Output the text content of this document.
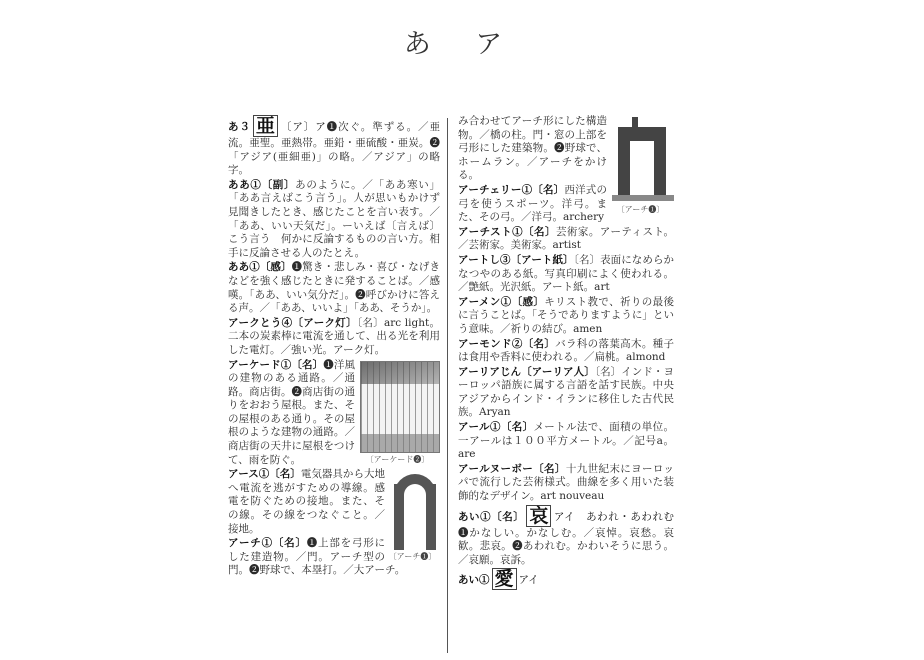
あ ア
あ３ 亜 〔ア〕ア❶次ぐ。準ずる。／亜流。亜聖。亜熱帯。亜鉛・亜硫酸・亜炭。❷「アジア(亜細亜)」の略。／アジア」の略字。
ああ①〔副〕あのように。／「ああ寒い」「ああ言えばこう言う」。人が思いもかけず見聞きしたとき、感じたことを言い表す。／「ああ、いい天気だ」。ーいえば〔言えば〕こう言う　何かに反論するものの言い方。相手に反論させる人のたとえ。
ああ①〔感〕❶驚き・悲しみ・喜び・なげきなどを強く感じたときに発することば。／感嘆。「ああ、いい気分だ」。❷呼びかけに答える声。／「ああ、いいよ」「ああ、そうか」。
アークとう④〔アーク灯〕〔名〕arc light。二本の炭素棒に電流を通して、出る光を利用した電灯。／強い光。アーク灯。
〔アーケード❷〕
アーケード①〔名〕❶洋風の建物のある通路。／通路。商店街。❷商店街の通りをおおう屋根。また、その屋根のある通り。その屋根のような建物の通路。／商店街の天井に屋根をつけて、雨を防ぐ。
〔アーチ❶〕
アース①〔名〕電気器具から大地へ電流を逃がすための導線。感電を防ぐための接地。また、その線。その線をつなぐこと。／接地。
アーチ①〔名〕❶上部を弓形にした建造物。／門。アーチ型の門。❷野球で、本塁打。／大アーチ。
〔アーチ❶〕
み合わせてアーチ形にした構造物。／橋の柱。門・窓の上部を弓形にした建築物。❷野球で、ホームラン。／アーチをかける。
アーチェリー①〔名〕西洋式の弓を使うスポーツ。洋弓。また、その弓。／洋弓。archery
アーチスト①〔名〕芸術家。アーティスト。／芸術家。美術家。artist
アートし③〔アート紙〕〔名〕表面になめらかなつやのある紙。写真印刷によく使われる。／艶紙。光沢紙。アート紙。art
アーメン①〔感〕キリスト教で、祈りの最後に言うことば。「そうでありますように」という意味。／祈りの結び。amen
アーモンド②〔名〕バラ科の落葉高木。種子は食用や香料に使われる。／扁桃。almond
アーリアじん〔アーリア人〕〔名〕インド・ヨーロッパ語族に属する言語を話す民族。中央アジアからインド・イランに移住した古代民族。Aryan
アール①〔名〕メートル法で、面積の単位。一アールは１００平方メートル。／記号a。are
アールヌーボー〔名〕十九世紀末にヨーロッパで流行した芸術様式。曲線を多く用いた装飾的なデザイン。art nouveau
あい①〔名〕 哀 アイ　あわれ・あわれむ❶かなしい。かなしむ。／哀悼。哀愁。哀歓。悲哀。❷あわれむ。かわいそうに思う。／哀願。哀訴。
あい① 愛 アイ
